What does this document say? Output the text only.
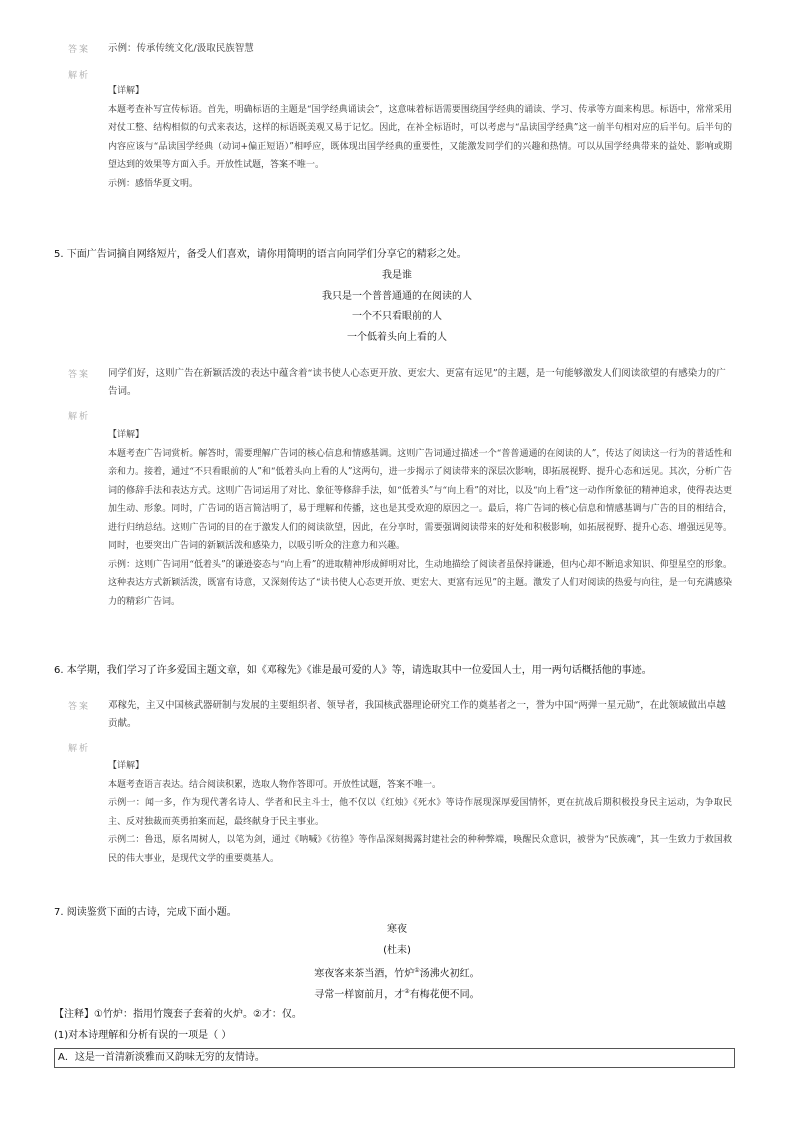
答案	示例：传承传统文化/汲取民族智慧
解析

【详解】

本题考查补写宣传标语。首先，明确标语的主题是“国学经典诵读会”，这意味着标语需要围绕国学经典的诵读、学习、传承等方面来构思。标语中，常常采用对仗工整、结构相似的句式来表达，这样的标语既美观又易于记忆。因此，在补全标语时，可以考虑与“品读国学经典”这一前半句相对应的后半句。后半句的内容应该与“品读国学经典（动词+偏正短语）”相呼应，既体现出国学经典的重要性，又能激发同学们的兴趣和热情。可以从国学经典带来的益处、影响或期望达到的效果等方面入手。开放性试题，答案不唯一。

示例：感悟华夏文明。

5. 下面广告词摘自网络短片，备受人们喜欢，请你用简明的语言向同学们分享它的精彩之处。
我是谁
我只是一个普普通通的在阅读的人
一个不只看眼前的人
一个低着头向上看的人
答案	同学们好，这则广告在新颖活泼的表达中蕴含着“读书使人心态更开放、更宏大、更富有远见”的主题，是一句能够激发人们阅读欲望的有感染力的广告词。
解析

【详解】

本题考查广告词赏析。解答时，需要理解广告词的核心信息和情感基调。这则广告词通过描述一个“普普通通的在阅读的人”，传达了阅读这一行为的普适性和亲和力。接着，通过“不只看眼前的人”和“低着头向上看的人”这两句，进一步揭示了阅读带来的深层次影响，即拓展视野、提升心态和远见。其次，分析广告词的修辞手法和表达方式。这则广告词运用了对比、象征等修辞手法，如“低着头”与“向上看”的对比，以及“向上看”这一动作所象征的精神追求，使得表达更加生动、形象。同时，广告词的语言简洁明了，易于理解和传播，这也是其受欢迎的原因之一。最后，将广告词的核心信息和情感基调与广告的目的相结合，进行归纳总结。这则广告词的目的在于激发人们的阅读欲望，因此，在分享时，需要强调阅读带来的好处和积极影响，如拓展视野、提升心态、增强远见等。同时，也要突出广告词的新颖活泼和感染力，以吸引听众的注意力和兴趣。

示例：这则广告词用“低着头”的谦逊姿态与“向上看”的进取精神形成鲜明对比，生动地描绘了阅读者虽保持谦逊，但内心却不断追求知识、仰望星空的形象。这种表达方式新颖活泼，既富有诗意，又深刻传达了“读书使人心态更开放、更宏大、更富有远见”的主题。激发了人们对阅读的热爱与向往，是一句充满感染力的精彩广告词。

6. 本学期，我们学习了许多爱国主题文章，如《邓稼先》《谁是最可爱的人》等，请选取其中一位爱国人士，用一两句话概括他的事迹。
答案	邓稼先，主又中国核武器研制与发展的主要组织者、领导者，我国核武器理论研究工作的奠基者之一，誉为中国“两弹一星元勋”，在此领域做出卓越贡献。
解析

【详解】

本题考查语言表达。结合阅读积累，选取人物作答即可。开放性试题，答案不唯一。

示例一：闻一多，作为现代著名诗人、学者和民主斗士，他不仅以《红烛》《死水》等诗作展现深厚爱国情怀，更在抗战后期积极投身民主运动，为争取民主、反对独裁而英勇拍案而起，最终献身于民主事业。

示例二：鲁迅，原名周树人，以笔为剑，通过《呐喊》《彷徨》等作品深刻揭露封建社会的种种弊端，唤醒民众意识，被誉为“民族魂”，其一生致力于救国救民的伟大事业，是现代文学的重要奠基人。

7. 阅读鉴赏下面的古诗，完成下面小题。
寒夜
(杜耒)
寒夜客来茶当酒，竹炉①汤沸火初红。
寻常一样窗前月，才②有梅花便不同。
【注释】①竹炉：指用竹篾套子套着的火炉。②才：仅。
(1)对本诗理解和分析有误的一项是（ ）
A．这是一首清新淡雅而又韵味无穷的友情诗。
